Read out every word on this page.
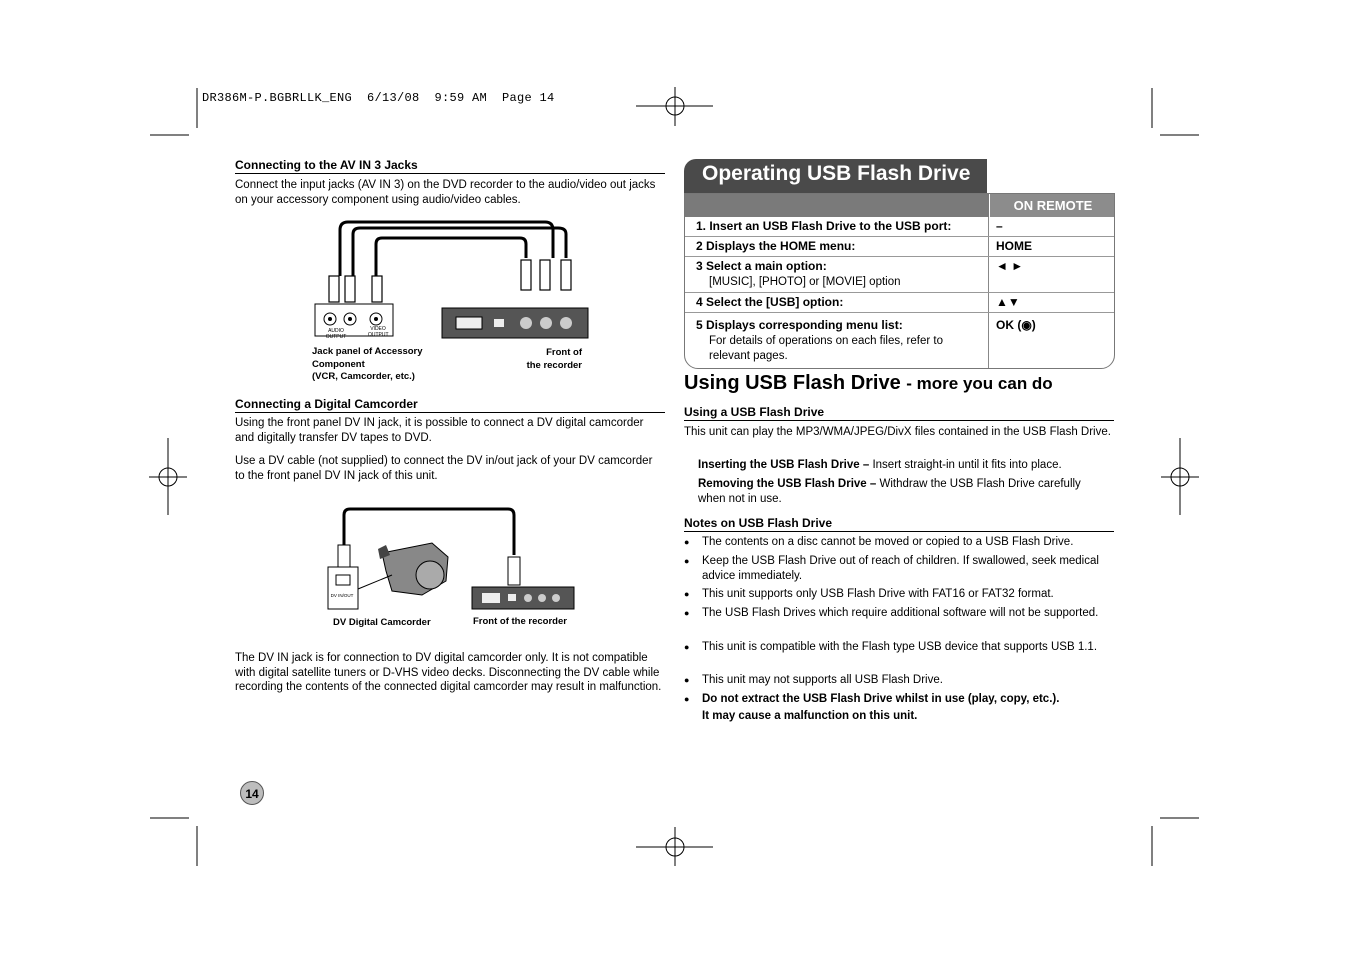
DR386M-P.BGBRLLK_ENG  6/13/08  9:59 AM  Page 14
Connecting to the AV IN 3 Jacks
Connect the input jacks (AV IN 3) on the DVD recorder to the audio/video out jacks on your accessory component using audio/video cables.
AUDIO OUTPUT
VIDEO OUTPUT
Jack panel of Accessory
Component
(VCR, Camcorder, etc.)
Front of
the recorder
Connecting a Digital Camcorder
Using the front panel DV IN jack, it is possible to connect a DV digital camcorder and digitally transfer DV tapes to DVD.
Use a DV cable (not supplied) to connect the DV in/out jack of your DV camcorder to the front panel DV IN jack of this unit.
DV IN/OUT
DV Digital Camcorder	Front of the recorder
The DV IN jack is for connection to DV digital camcorder only. It is not compatible with digital satellite tuners or D-VHS video decks. Disconnecting the DV cable while recording the contents of the connected digital camcorder may result in malfunction.
14
Operating USB Flash Drive
ON REMOTE
1. Insert an USB Flash Drive to the USB port:	–
2 Displays the HOME menu:	HOME
3 Select a main option:	◄ ►
[MUSIC], [PHOTO] or [MOVIE] option
4 Select the [USB] option:	▲▼
5 Displays corresponding menu list:	OK (◉)
For details of operations on each files, refer to relevant pages.
Using USB Flash Drive - more you can do
Using a USB Flash Drive
This unit can play the MP3/WMA/JPEG/DivX files contained in the USB Flash Drive.
Inserting the USB Flash Drive – Insert straight-in until it fits into place.
Removing the USB Flash Drive – Withdraw the USB Flash Drive carefully when not in use.
Notes on USB Flash Drive
● The contents on a disc cannot be moved or copied to a USB Flash Drive.
● Keep the USB Flash Drive out of reach of children. If swallowed, seek medical advice immediately.
● This unit supports only USB Flash Drive with FAT16 or FAT32 format.
● The USB Flash Drives which require additional software will not be supported.
● This unit is compatible with the Flash type USB device that supports USB 1.1.
● This unit may not supports all USB Flash Drive.
● Do not extract the USB Flash Drive whilst in use (play, copy, etc.).
It may cause a malfunction on this unit.
